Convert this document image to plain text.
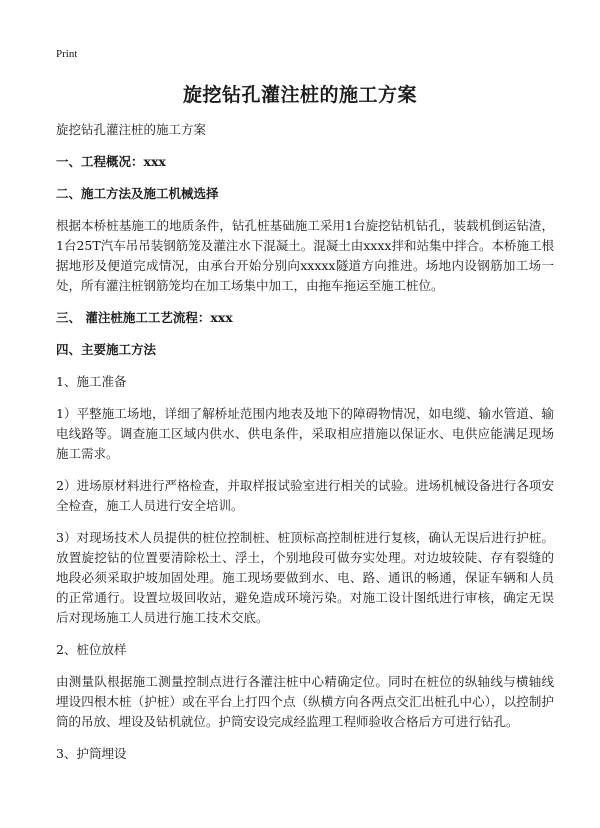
Print
旋挖钻孔灌注桩的施工方案

旋挖钻孔灌注桩的施工方案

一、工程概况：xxx

二、施工方法及施工机械选择

根据本桥桩基施工的地质条件，钻孔桩基础施工采用1台旋挖钻机钻孔，装载机倒运钻渣，1台25T汽车吊吊装钢筋笼及灌注水下混凝土。混凝土由xxxx拌和站集中拌合。本桥施工根据地形及便道完成情况，由承台开始分别向xxxxx隧道方向推进。场地内设钢筋加工场一处，所有灌注桩钢筋笼均在加工场集中加工，由拖车拖运至施工桩位。

三、 灌注桩施工工艺流程：xxx

四、主要施工方法

1、施工准备

1）平整施工场地，详细了解桥址范围内地表及地下的障碍物情况，如电缆、输水管道、输电线路等。调查施工区域内供水、供电条件，采取相应措施以保证水、电供应能满足现场施工需求。

2）进场原材料进行严格检查，并取样报试验室进行相关的试验。进场机械设备进行各项安全检查，施工人员进行安全培训。

3）对现场技术人员提供的桩位控制桩、桩顶标高控制桩进行复核，确认无误后进行护桩。放置旋挖钻的位置要清除松土、浮土，个别地段可做夯实处理。对边坡较陡、存有裂缝的地段必须采取护坡加固处理。施工现场要做到水、电、路、通讯的畅通，保证车辆和人员的正常通行。设置垃圾回收站，避免造成环境污染。对施工设计图纸进行审核，确定无误后对现场施工人员进行施工技术交底。

2、桩位放样

由测量队根据施工测量控制点进行各灌注桩中心精确定位。同时在桩位的纵轴线与横轴线埋设四根木桩（护桩）或在平台上打四个点（纵横方向各两点交汇出桩孔中心），以控制护筒的吊放、埋设及钻机就位。护筒安设完成经监理工程师验收合格后方可进行钻孔。

3、护筒埋设
